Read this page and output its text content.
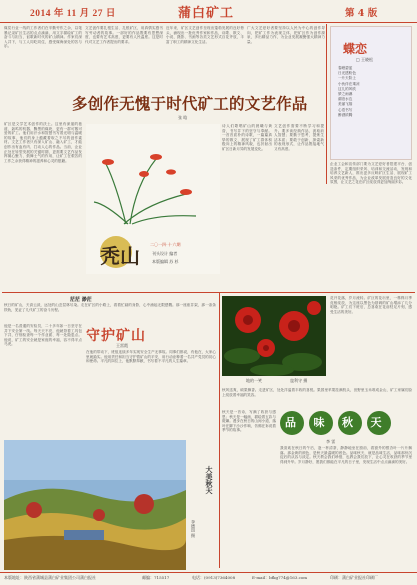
2014 年 11 月 27 日	蒲白矿工	第 4 版
煤炭行业一线的工作者们在辛勤劳作之余，以笔墨记录矿区生活的点点滴滴，用文字描绘矿工的奋斗与担当，讴歌新时代的矿山精神。作家们深入井下，与工人同吃同住，感受煤海深处的苦与乐。
文艺创作要扎根生活、扎根矿区，用真情实感书写劳动者的故事。一部好的作品既要有思想深度，也要有艺术高度，更要有人民温度。这是时代对文艺工作者提出的要求。
近年来，矿区文艺创作呈现出蓬勃发展的良好势头，涌现出一批优秀作家和作品，诗歌、散文、小说、摄影、书画等各类文艺形式百花齐放，丰富了职工的精神文化生活。
广大文艺爱好者要坚持以人民为中心的创作导向，把矿工作为表现主体，把矿区作为创作源泉，多出精品力作，为企业发展凝聚强大精神力量。
蝶恋
□ 王晓松
春眠碧蓝
日光透粉色
一片天阶上
小伙伴在乘凉
这儿的风吹
梦之雨淋
湖泊水边
美丽飞翔
心语书写
醉酒浓腾
多创作无愧于时代矿工的文艺作品
张 晗
矿区是文学艺术创作的沃土。这里有深邃的巷道、轰鸣的机器、黝黑的煤块，更有一群可敬可爱的矿工。他们用汗水和智慧书写着光明与温暖的故事，他们的身上蕴藏着取之不尽的创作素材。文艺工作者只有深入矿山、融入矿工，才能创作出有血有肉、打动人心的作品。当前，企业正处在转型发展的关键时期，更需要文艺作品发挥凝心聚力、鼓舞士气的作用，让矿工在艰苦的工作之余获得精神的滋养和心灵的慰藉。
秃山	二〇一四·十·六期
刊头设计 编者
本版编辑 苏 杉
诗人们歌唱矿山的晨曦与黄昏，书写井下的坚守与奉献。一首首质朴的诗歌，一篇篇真挚的散文，展现了矿工群体积极向上的精神风貌，也折射出矿区日新月异的发展变化。
文艺创作需要不断学习和提升。要多读经典作品，汲取前人智慧；要勤于思考，提炼生活本质；要敢于创新，探索新的表现形式，让作品既接地气又有高度。
企业工会和宣传部门要为文艺爱好者搭建平台、创造条件，定期组织采风、培训和交流活动，发现和培养文艺新人，推出更多反映矿区生活、展现矿工风采的优秀作品，为企业改革发展营造良好的文化氛围，让文艺之花在矿区绽放得更加绚丽多彩。
茫茫 渺茫
秋日的矿山，天高云淡，远处的山峦层林尽染。走在矿区的小路上，看着忙碌的身影，心中涌起无限感慨。那一座座井架，那一条条铁轨，见证了几代矿工的奋斗历程。
守护矿山
王雷霞
他是一名普通的安检员，二十多年如一日坚守在井下安全第一线。每天天不亮，他就背着工具包下井，仔细检查每一个作业面、每一处隐患点。他说，矿工的安全就是家庭的幸福，容不得半点马虎。
在他的带动下，班组连续多年实现安全生产无事故。同事们都说，有他在，大家心里就踏实。他用责任和担当守护着矿山的平安，用行动诠释着一名共产党员的初心和使命。平凡的岗位上，他默默奉献，书写着不平凡的人生篇章。
地的一笑	寇利守 摄
花开花落，岁月流转。矿区的花坛里，一株株月季竞相绽放，为这座以黑色为基调的矿山增添了几分明艳。矿工们下班后，总喜欢在花前驻足片刻，感受生活的美好。
秋风送爽，硕果飘香。走进矿区，处处洋溢着丰收的喜悦。果园里苹果挂满枝头，田野里玉米堆成金山，矿工家属们脸上绽放着幸福的笑容。
品味秋天
李 雷
秋天是一首诗，写满了收获与感恩；秋天是一幅画，描绘着五彩与斑斓。漫步在秋日的山间小道，落叶在脚下沙沙作响，仿佛在诉说着季节的故事。
我喜欢在秋日的午后，泡一杯清茶，静静地坐在窗前，看窗外的银杏叶一片片飘落。那金黄的颜色，是秋天最温暖的底色。品味秋天，就是品味生活，品味那份沉淀后的从容与淡定。秋天教会我们珍惜，也教会我们放下，让心灵在收获的季节里得到升华。岁月静好，愿我们都能在平凡的日子里，发现生活中点点滴滴的美好。
大美秋天
李德国 摄
本版地址：陕西省蒲城县蒲白矿业集团公司蒲白报社	邮编：715517	电话：(0913)7364008	E-mail：bfkg774@163.com	印刷：蒲白矿业报社印刷厂
